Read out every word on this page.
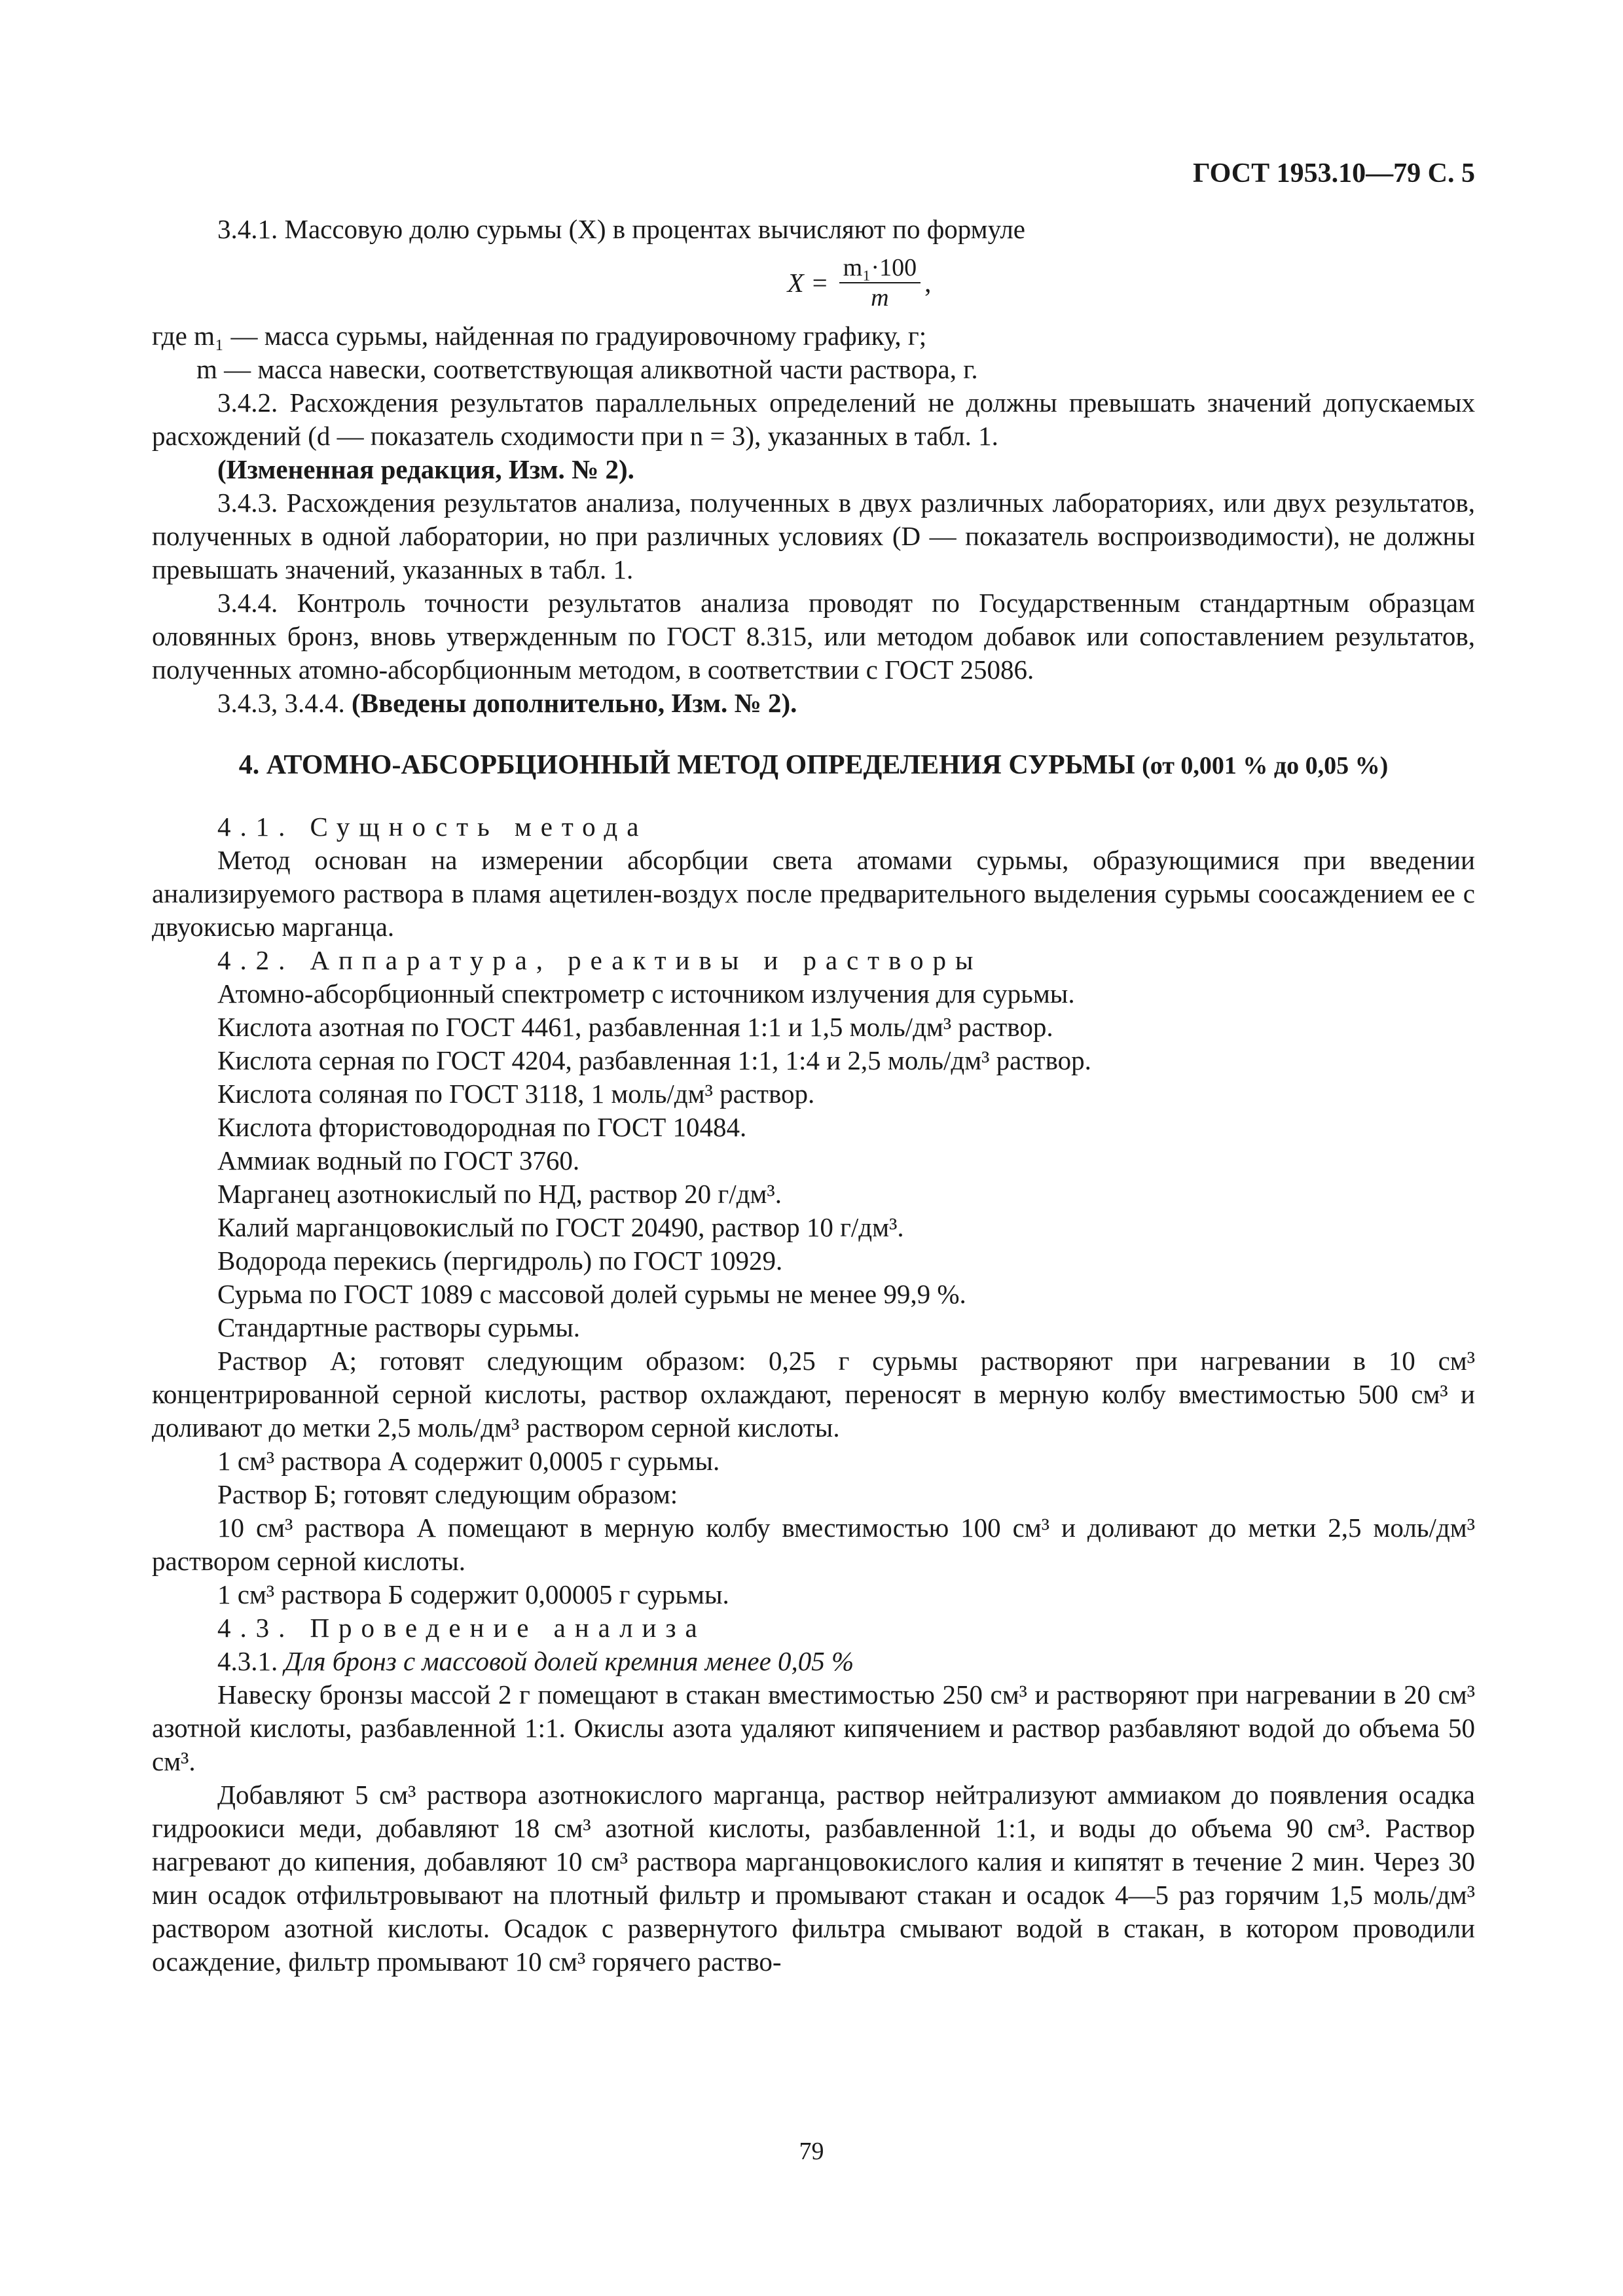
ГОСТ 1953.10—79 С. 5

3.4.1. Массовую долю сурьмы (X) в процентах вычисляют по формуле

$X = \frac{\text{m₁·100}}{m}$ ,

где m₁ — масса сурьмы, найденная по градуировочному графику, г;

m — масса навески, соответствующая аликвотной части раствора, г.

3.4.2. Расхождения результатов параллельных определений не должны превышать значений допускаемых расхождений (d — показатель сходимости при n = 3), указанных в табл. 1.

(Измененная редакция, Изм. № 2).

3.4.3. Расхождения результатов анализа, полученных в двух различных лабораториях, или двух результатов, полученных в одной лаборатории, но при различных условиях (D — показатель воспроизводимости), не должны превышать значений, указанных в табл. 1.

3.4.4. Контроль точности результатов анализа проводят по Государственным стандартным образцам оловянных бронз, вновь утвержденным по ГОСТ 8.315, или методом добавок или сопоставлением результатов, полученных атомно-абсорбционным методом, в соответствии с ГОСТ 25086.

3.4.3, 3.4.4. (Введены дополнительно, Изм. № 2).

4. АТОМНО-АБСОРБЦИОННЫЙ МЕТОД ОПРЕДЕЛЕНИЯ СУРЬМЫ (от 0,001 % до 0,05 %)

4.1. Сущность метода

Метод основан на измерении абсорбции света атомами сурьмы, образующимися при введении анализируемого раствора в пламя ацетилен-воздух после предварительного выделения сурьмы соосаждением ее с двуокисью марганца.

4.2. Аппаратура, реактивы и растворы

Атомно-абсорбционный спектрометр с источником излучения для сурьмы.

Кислота азотная по ГОСТ 4461, разбавленная 1:1 и 1,5 моль/дм³ раствор.

Кислота серная по ГОСТ 4204, разбавленная 1:1, 1:4 и 2,5 моль/дм³ раствор.

Кислота соляная по ГОСТ 3118, 1 моль/дм³ раствор.

Кислота фтористоводородная по ГОСТ 10484.

Аммиак водный по ГОСТ 3760.

Марганец азотнокислый по НД, раствор 20 г/дм³.

Калий марганцовокислый по ГОСТ 20490, раствор 10 г/дм³.

Водорода перекись (пергидроль) по ГОСТ 10929.

Сурьма по ГОСТ 1089 с массовой долей сурьмы не менее 99,9 %.

Стандартные растворы сурьмы.

Раствор А; готовят следующим образом: 0,25 г сурьмы растворяют при нагревании в 10 см³ концентрированной серной кислоты, раствор охлаждают, переносят в мерную колбу вместимостью 500 см³ и доливают до метки 2,5 моль/дм³ раствором серной кислоты.

1 см³ раствора А содержит 0,0005 г сурьмы.

Раствор Б; готовят следующим образом:

10 см³ раствора А помещают в мерную колбу вместимостью 100 см³ и доливают до метки 2,5 моль/дм³ раствором серной кислоты.

1 см³ раствора Б содержит 0,00005 г сурьмы.

4.3. Проведение анализа

4.3.1. Для бронз с массовой долей кремния менее 0,05 %

Навеску бронзы массой 2 г помещают в стакан вместимостью 250 см³ и растворяют при нагревании в 20 см³ азотной кислоты, разбавленной 1:1. Окислы азота удаляют кипячением и раствор разбавляют водой до объема 50 см³.

Добавляют 5 см³ раствора азотнокислого марганца, раствор нейтрализуют аммиаком до появления осадка гидроокиси меди, добавляют 18 см³ азотной кислоты, разбавленной 1:1, и воды до объема 90 см³. Раствор нагревают до кипения, добавляют 10 см³ раствора марганцовокислого калия и кипятят в течение 2 мин. Через 30 мин осадок отфильтровывают на плотный фильтр и промывают стакан и осадок 4—5 раз горячим 1,5 моль/дм³ раствором азотной кислоты. Осадок с развернутого фильтра смывают водой в стакан, в котором проводили осаждение, фильтр промывают 10 см³ горячего раство-

79
